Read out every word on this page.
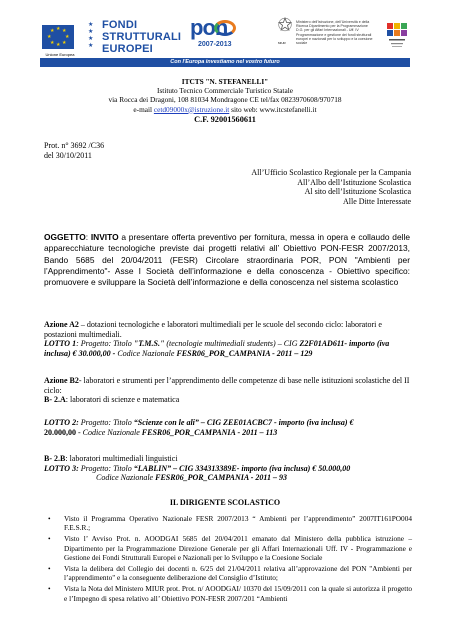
★ ★
★
★
★
★
★
★
Unione Europea
★
★
★
★
FONDI
STRUTTURALI
EUROPEI
pon
2007-2013	MIUR
Ministero dell'Istruzione, dell'Università e della Ricerca Dipartimento per la Programmazione D.G. per gli Affari Internazionali - Uff. IV Programmazione e gestione dei fondi strutturali europei e nazionali per lo sviluppo e la coesione sociale
Con l'Europa investiamo nel vostro futuro
ITCTS "N. STEFANELLI"
Istituto Tecnico Commerciale Turistico Statale
via Rocca dei Dragoni, 108 81034 Mondragone CE tel/fax 0823970608/970718
e-mail cetd09000x@istruzione.it sito web: www.itcstefanelli.it
C.F. 92001560611
Prot. n° 3692 /C36
del 30/10/2011
All’Ufficio Scolastico Regionale per la Campania
All’Albo dell’Istituzione Scolastica
Al sito dell’Istituzione Scolastica
Alle Ditte Interessate
OGGETTO: INVITO a presentare offerta preventivo per fornitura, messa in opera e collaudo delle apparecchiature tecnologiche previste dai progetti relativi all’ Obiettivo PON-FESR 2007/2013, Bando 5685 del 20/04/2011 (FESR) Circolare straordinaria POR, PON "Ambienti per l’Apprendimento"- Asse I Società dell’informazione e della conoscenza - Obiettivo specifico: promuovere e sviluppare la Società dell’informazione e della conoscenza nel sistema scolastico
Azione A2 – dotazioni tecnologiche e laboratori multimediali per le scuole del secondo ciclo: laboratori e postazioni multimediali.
LOTTO 1: Progetto: Titolo "T.M.S." (tecnologie multimediali students) – CIG Z2F01AD611- importo (iva inclusa) € 30.000,00 - Codice Nazionale FESR06_POR_CAMPANIA - 2011 – 129
Azione B2- laboratori e strumenti per l’apprendimento delle competenze di base nelle istituzioni scolastiche del II ciclo:
B- 2.A: laboratori di scienze e matematica
LOTTO 2: Progetto: Titolo “Scienze con le ali” – CIG ZEE01ACBC7 - importo (iva inclusa) €
20.000,00 - Codice Nazionale FESR06_POR_CAMPANIA - 2011 – 113
B- 2.B: laboratori multimediali linguistici
LOTTO 3: Progetto: Titolo “LABLIN” – CIG 334313389E- importo (iva inclusa) € 50.000,00
Codice Nazionale FESR06_POR_CAMPANIA - 2011 – 93
IL DIRIGENTE SCOLASTICO
• Visto il Programma Operativo Nazionale FESR 2007/2013 “ Ambienti per l’apprendimento” 2007IT161PO004 F.E.S.R.;
• Visto l’ Avviso Prot. n. AOODGAI 5685 del 20/04/2011 emanato dal Ministero della pubblica istruzione – Dipartimento per la Programmazione Direzione Generale per gli Affari Internazionali Uff. IV - Programmazione e Gestione dei Fondi Strutturali Europei e Nazionali per lo Sviluppo e la Coesione Sociale
• Vista la delibera del Collegio dei docenti n. 6/25 del 21/04/2011 relativa all’approvazione del PON "Ambienti per l’apprendimento" e la conseguente deliberazione del Consiglio d’Istituto;
• Vista la Nota del Ministero MIUR prot. Prot. n/ AOODGAI/ 10370 del 15/09/2011 con la quale si autorizza il progetto e l’Impegno di spesa relativo all’ Obiettivo PON-FESR 2007/201 “Ambienti
